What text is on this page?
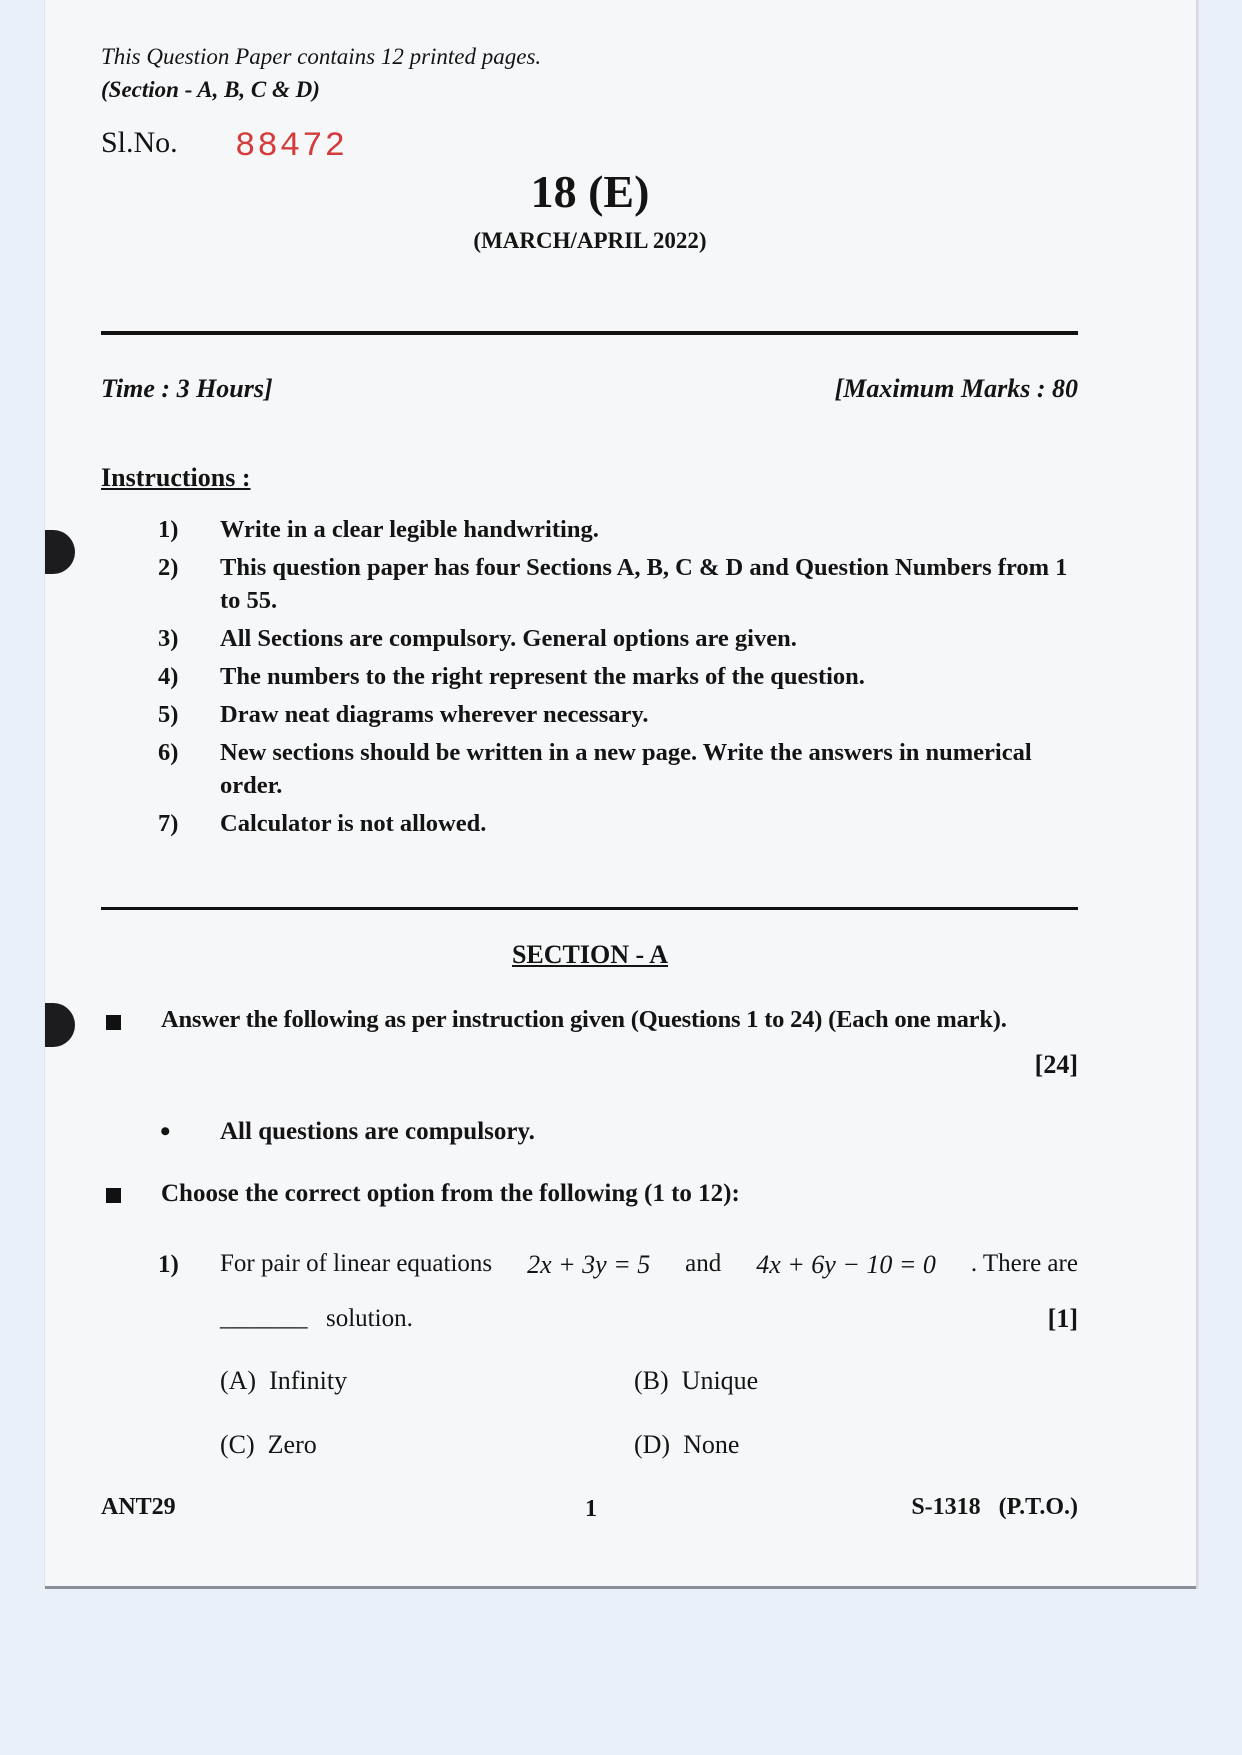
This Question Paper contains 12 printed pages.
(Section - A, B, C & D)
Sl.No. 88472
18 (E)
(MARCH/APRIL 2022)
Time : 3 Hours]	[Maximum Marks : 80
Instructions :
1)	Write in a clear legible handwriting.
2)	This question paper has four Sections A, B, C & D and Question Numbers from 1 to 55.
3)	All Sections are compulsory. General options are given.
4)	The numbers to the right represent the marks of the question.
5)	Draw neat diagrams wherever necessary.
6)	New sections should be written in a new page. Write the answers in numerical order.
7)	Calculator is not allowed.
SECTION - A
Answer the following as per instruction given (Questions 1 to 24) (Each one mark).
[24]
• All questions are compulsory.
Choose the correct option from the following (1 to 12):
1) For pair of linear equations 2x + 3y = 5 and 4x + 6y − 10 = 0 . There are
_______ solution.	[1]
(A) Infinity	(B) Unique
(C) Zero	(D) None
ANT29	1	S-1318   (P.T.O.)
